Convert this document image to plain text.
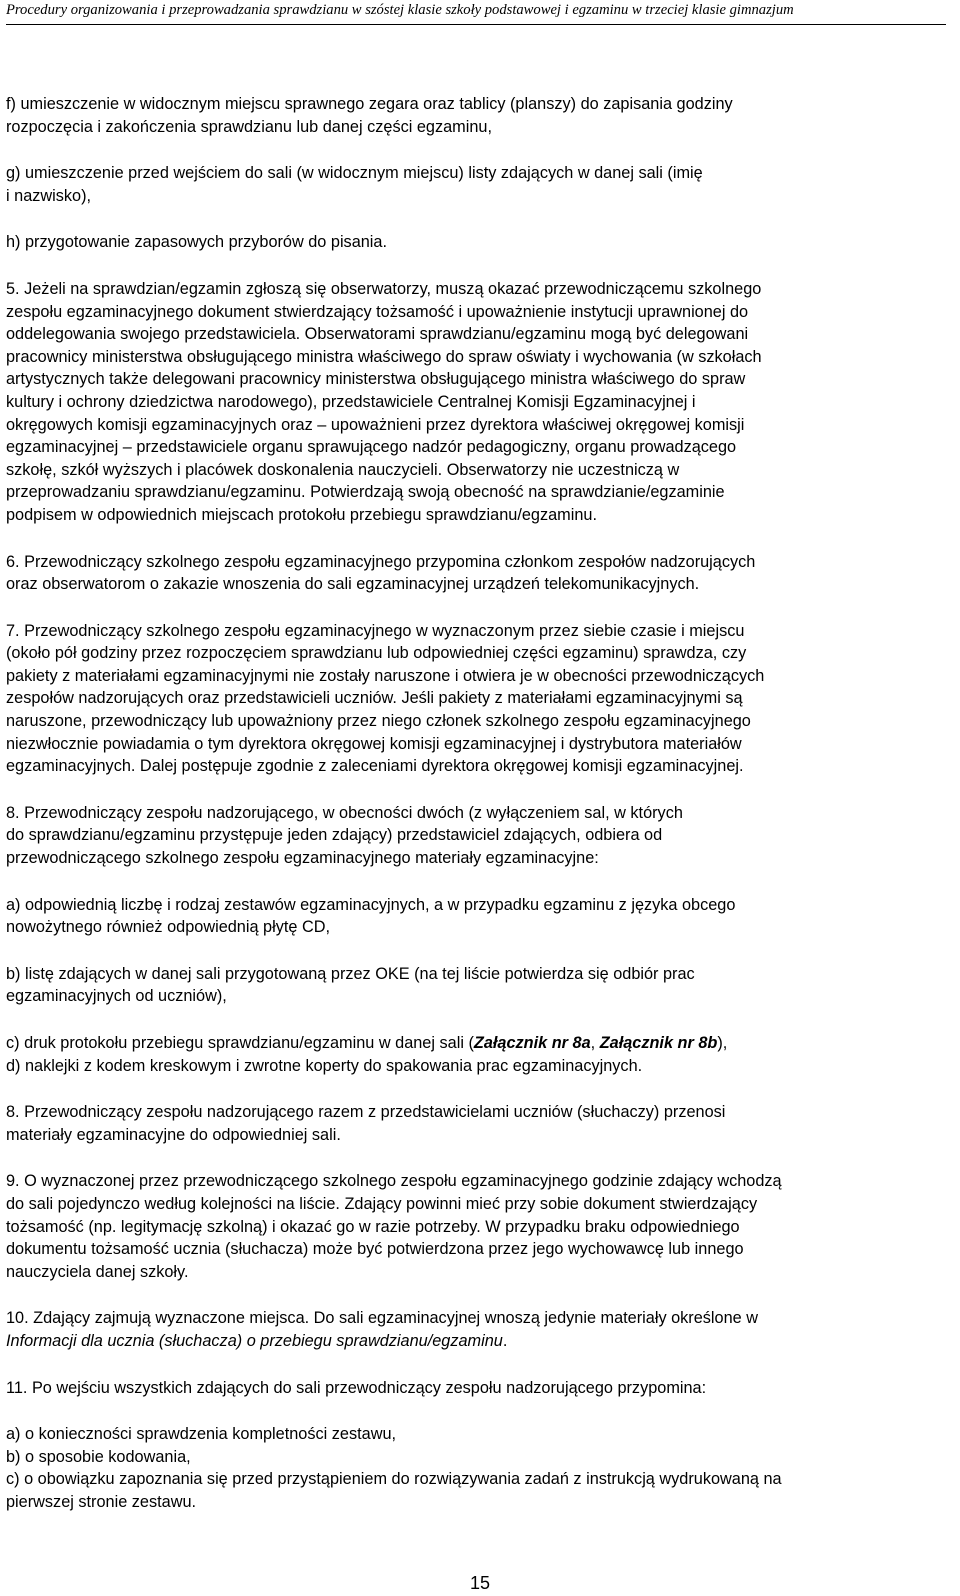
Procedury organizowania i przeprowadzania sprawdzianu w szóstej klasie szkoły podstawowej i egzaminu w trzeciej klasie gimnazjum

f) umieszczenie w widocznym miejscu sprawnego zegara oraz tablicy (planszy) do zapisania godziny
rozpoczęcia i zakończenia sprawdzianu lub danej części egzaminu,

g) umieszczenie przed wejściem do sali (w widocznym miejscu) listy zdających w danej sali (imię
i nazwisko),

h) przygotowanie zapasowych przyborów do pisania.

5. Jeżeli na sprawdzian/egzamin zgłoszą się obserwatorzy, muszą okazać przewodniczącemu szkolnego
zespołu egzaminacyjnego dokument stwierdzający tożsamość i upoważnienie instytucji uprawnionej do
oddelegowania swojego przedstawiciela. Obserwatorami sprawdzianu/egzaminu mogą być delegowani
pracownicy ministerstwa obsługującego ministra właściwego do spraw oświaty i wychowania (w szkołach
artystycznych także delegowani pracownicy ministerstwa obsługującego ministra właściwego do spraw
kultury i ochrony dziedzictwa narodowego), przedstawiciele Centralnej Komisji Egzaminacyjnej i
okręgowych komisji egzaminacyjnych oraz – upoważnieni przez dyrektora właściwej okręgowej komisji
egzaminacyjnej – przedstawiciele organu sprawującego nadzór pedagogiczny, organu prowadzącego
szkołę, szkół wyższych i placówek doskonalenia nauczycieli. Obserwatorzy nie uczestniczą w
przeprowadzaniu sprawdzianu/egzaminu. Potwierdzają swoją obecność na sprawdzianie/egzaminie
podpisem w odpowiednich miejscach protokołu przebiegu sprawdzianu/egzaminu.

6. Przewodniczący szkolnego zespołu egzaminacyjnego przypomina członkom zespołów nadzorujących
oraz obserwatorom o zakazie wnoszenia do sali egzaminacyjnej urządzeń telekomunikacyjnych.

7. Przewodniczący szkolnego zespołu egzaminacyjnego w wyznaczonym przez siebie czasie i miejscu
(około pół godziny przez rozpoczęciem sprawdzianu lub odpowiedniej części egzaminu) sprawdza, czy
pakiety z materiałami egzaminacyjnymi nie zostały naruszone i otwiera je w obecności przewodniczących
zespołów nadzorujących oraz przedstawicieli uczniów. Jeśli pakiety z materiałami egzaminacyjnymi są
naruszone, przewodniczący lub upoważniony przez niego członek szkolnego zespołu egzaminacyjnego
niezwłocznie powiadamia o tym dyrektora okręgowej komisji egzaminacyjnej i dystrybutora materiałów
egzaminacyjnych. Dalej postępuje zgodnie z zaleceniami dyrektora okręgowej komisji egzaminacyjnej.

8. Przewodniczący zespołu nadzorującego, w obecności dwóch (z wyłączeniem sal, w których
do sprawdzianu/egzaminu przystępuje jeden zdający) przedstawiciel zdających, odbiera od
przewodniczącego szkolnego zespołu egzaminacyjnego materiały egzaminacyjne:

a) odpowiednią liczbę i rodzaj zestawów egzaminacyjnych, a w przypadku egzaminu z języka obcego
nowożytnego również odpowiednią płytę CD,

b) listę zdających w danej sali przygotowaną przez OKE (na tej liście potwierdza się odbiór prac
egzaminacyjnych od uczniów),

c) druk protokołu przebiegu sprawdzianu/egzaminu w danej sali (Załącznik nr 8a, Załącznik nr 8b),

d) naklejki z kodem kreskowym i zwrotne koperty do spakowania prac egzaminacyjnych.

8. Przewodniczący zespołu nadzorującego razem z przedstawicielami uczniów (słuchaczy) przenosi
materiały egzaminacyjne do odpowiedniej sali.

9. O wyznaczonej przez przewodniczącego szkolnego zespołu egzaminacyjnego godzinie zdający wchodzą
do sali pojedynczo według kolejności na liście. Zdający powinni mieć przy sobie dokument stwierdzający
tożsamość (np. legitymację szkolną) i okazać go w razie potrzeby. W przypadku braku odpowiedniego
dokumentu tożsamość ucznia (słuchacza) może być potwierdzona przez jego wychowawcę lub innego
nauczyciela danej szkoły.

10. Zdający zajmują wyznaczone miejsca. Do sali egzaminacyjnej wnoszą jedynie materiały określone w
Informacji dla ucznia (słuchacza) o przebiegu sprawdzianu/egzaminu.

11. Po wejściu wszystkich zdających do sali przewodniczący zespołu nadzorującego przypomina:

a) o konieczności sprawdzenia kompletności zestawu,

b) o sposobie kodowania,

c) o obowiązku zapoznania się przed przystąpieniem do rozwiązywania zadań z instrukcją wydrukowaną na
pierwszej stronie zestawu.

15
